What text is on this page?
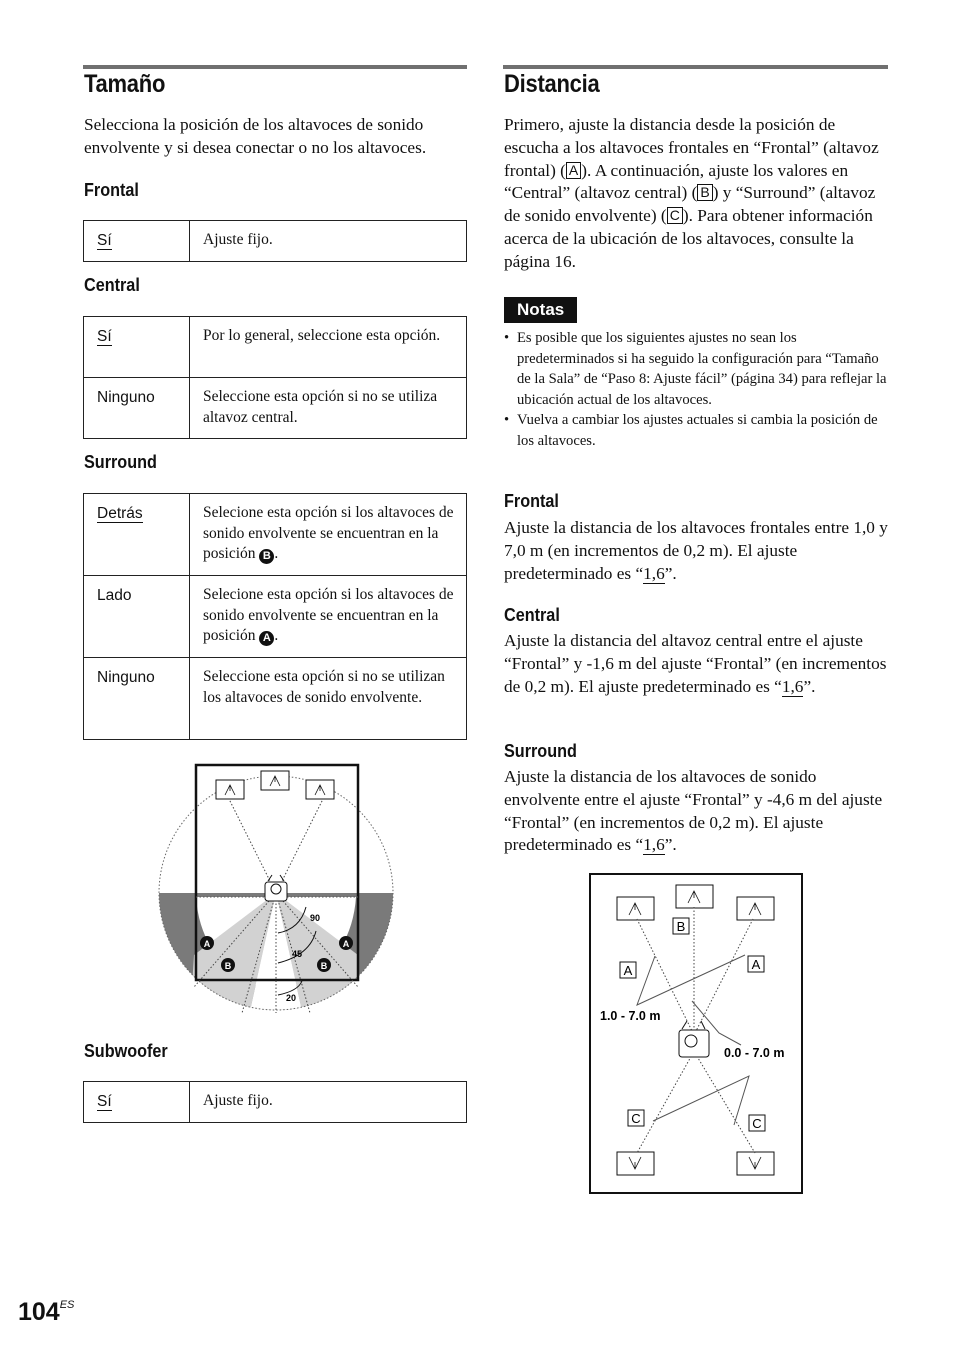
Tamaño

Selecciona la posición de los altavoces de sonido envolvente y si desea conectar o no los altavoces.

Frontal
Sí	Ajuste fijo.
Central
Sí	Por lo general, seleccione esta opción.
Ninguno	Seleccione esta opción si no se utiliza altavoz central.
Surround
Detrás	Selecione esta opción si los altavoces de sonido envolvente se encuentran en la posición B .
Lado	Selecione esta opción si los altavoces de sonido envolvente se encuentran en la posición A .
Ninguno	Seleccione esta opción si no se utilizan los altavoces de sonido envolvente.
90
45
20
A	A
B	B
Subwoofer
Sí	Ajuste fijo.
Distancia

Primero, ajuste la distancia desde la posición de escucha a los altavoces frontales en “Frontal” (altavoz frontal) ( A ). A continuación, ajuste los valores en “Central” (altavoz central) ( B ) y “Surround” (altavoz de sonido envolvente) ( C ). Para obtener información acerca de la ubicación de los altavoces, consulte la página 16.

Notas
• Es posible que los siguientes ajustes no sean los predeterminados si ha seguido la configuración para “Tamaño de la Sala” de “Paso 8: Ajuste fácil” (página 34) para reflejar la ubicación actual de los altavoces.
• Vuelva a cambiar los ajustes actuales si cambia la posición de los altavoces.
Frontal

Ajuste la distancia de los altavoces frontales entre 1,0 y 7,0 m (en incrementos de 0,2 m). El ajuste predeterminado es “1,6”.

Central

Ajuste la distancia del altavoz central entre el ajuste “Frontal” y -1,6 m del ajuste “Frontal” (en incrementos de 0,2 m). El ajuste predeterminado es “1,6”.

Surround

Ajuste la distancia de los altavoces de sonido envolvente entre el ajuste “Frontal” y -4,6 m del ajuste “Frontal” (en incrementos de 0,2 m). El ajuste predeterminado es “1,6”.

1.0 - 7.0 m
0.0 - 7.0 m
B
A	A
C	C
$104^{ES}$
